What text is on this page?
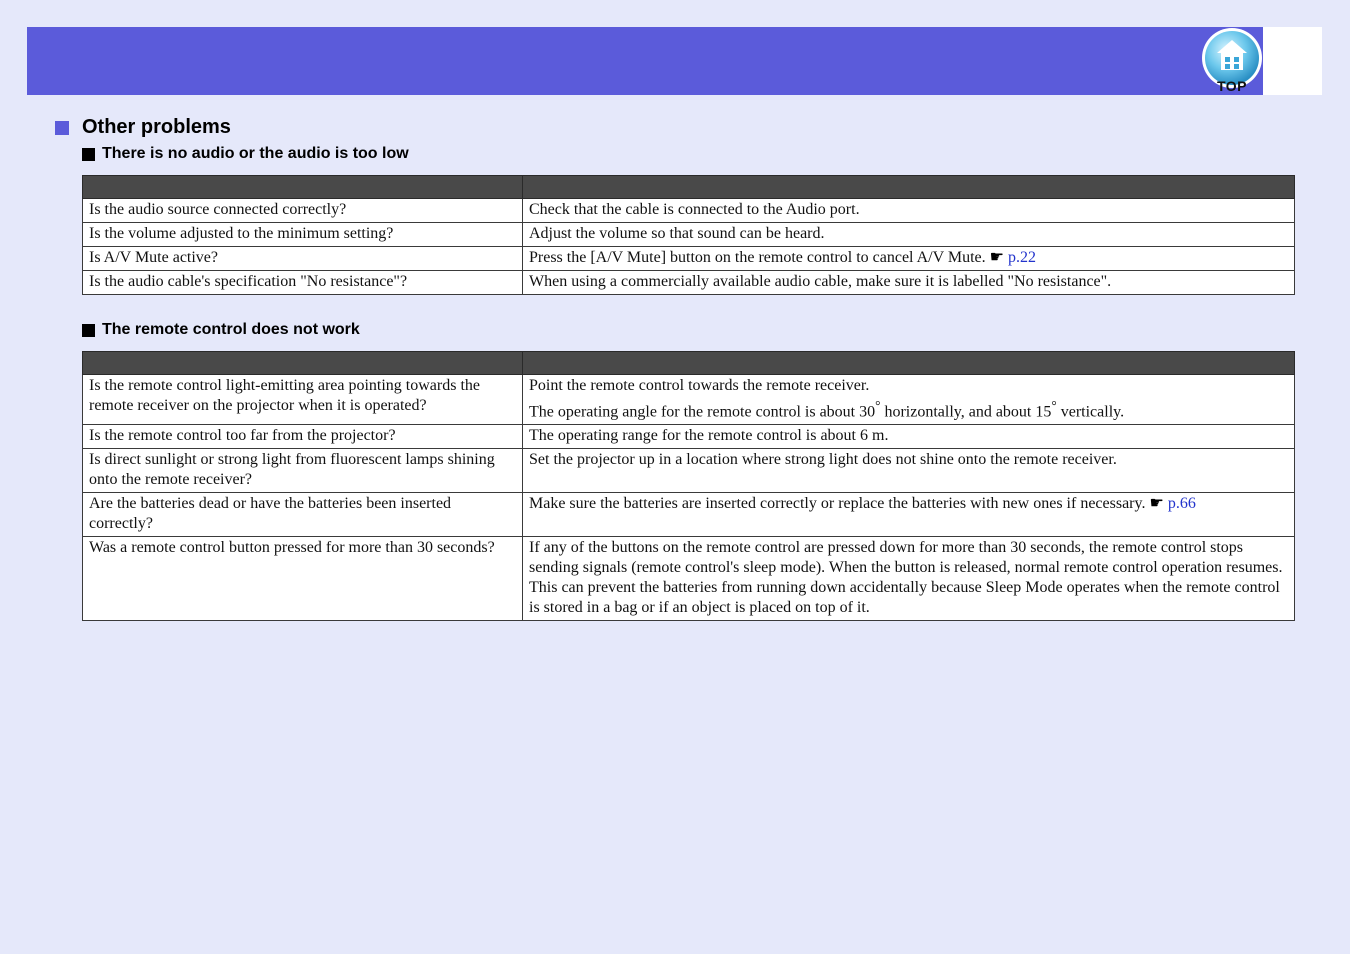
TOP
Other problems
There is no audio or the audio is too low

Is the audio source connected correctly?	Check that the cable is connected to the Audio port.
Is the volume adjusted to the minimum setting?	Adjust the volume so that sound can be heard.
Is A/V Mute active?	Press the [A/V Mute] button on the remote control to cancel A/V Mute. ☛ p.22
Is the audio cable's specification "No resistance"?	When using a commercially available audio cable, make sure it is labelled "No resistance".
The remote control does not work

Is the remote control light-emitting area pointing towards the remote receiver on the projector when it is operated?	Point the remote control towards the remote receiver.
The operating angle for the remote control is about 30° horizontally, and about 15° vertically.
Is the remote control too far from the projector?	The operating range for the remote control is about 6 m.
Is direct sunlight or strong light from fluorescent lamps shining onto the remote receiver?	Set the projector up in a location where strong light does not shine onto the remote receiver.
Are the batteries dead or have the batteries been inserted correctly?	Make sure the batteries are inserted correctly or replace the batteries with new ones if necessary. ☛ p.66
Was a remote control button pressed for more than 30 seconds?	If any of the buttons on the remote control are pressed down for more than 30 seconds, the remote control stops sending signals (remote control's sleep mode). When the button is released, normal remote control operation resumes. This can prevent the batteries from running down accidentally because Sleep Mode operates when the remote control is stored in a bag or if an object is placed on top of it.
